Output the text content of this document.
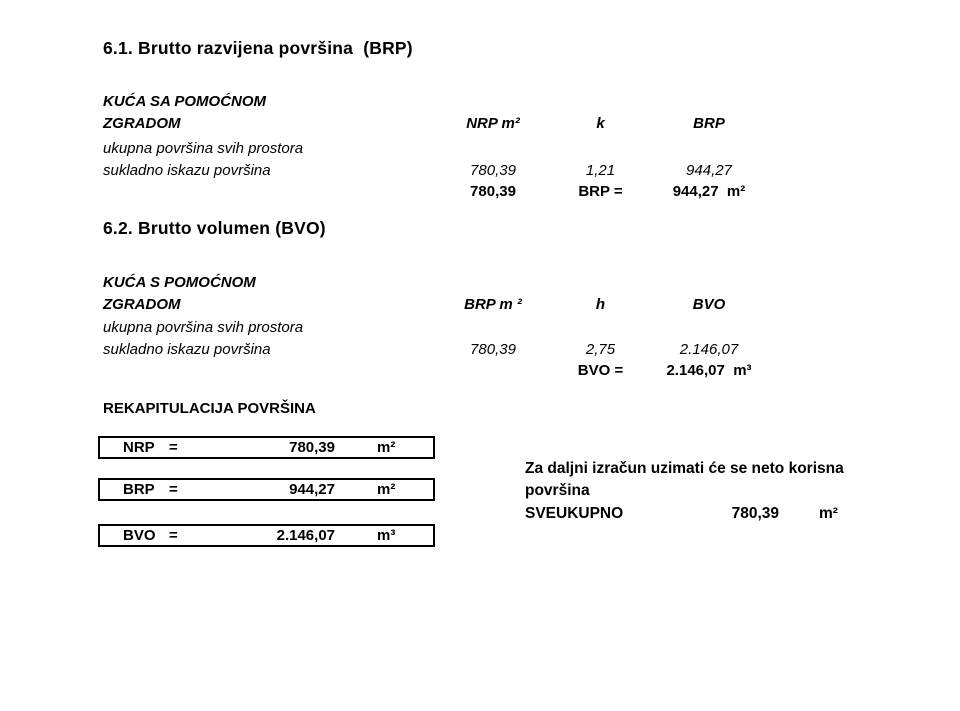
6.1. Brutto razvijena površina  (BRP)
KUĆA SA POMOĆNOM
ZGRADOM	NRP m²	k	BRP
ukupna površina svih prostora
sukladno iskazu površina	780,39	1,21	944,27
780,39	BRP =	944,27  m²
6.2. Brutto volumen (BVO)
KUĆA S POMOĆNOM
ZGRADOM	BRP m ²	h	BVO
ukupna površina svih prostora
sukladno iskazu površina	780,39	2,75	2.146,07
BVO =	2.146,07  m³
REKAPITULACIJA POVRŠINA
NRP =	780,39	m²
BRP =	944,27	m²
BVO =	2.146,07	m³
Za daljni izračun uzimati će se neto korisna
površina
SVEUKUPNO	780,39	m²
